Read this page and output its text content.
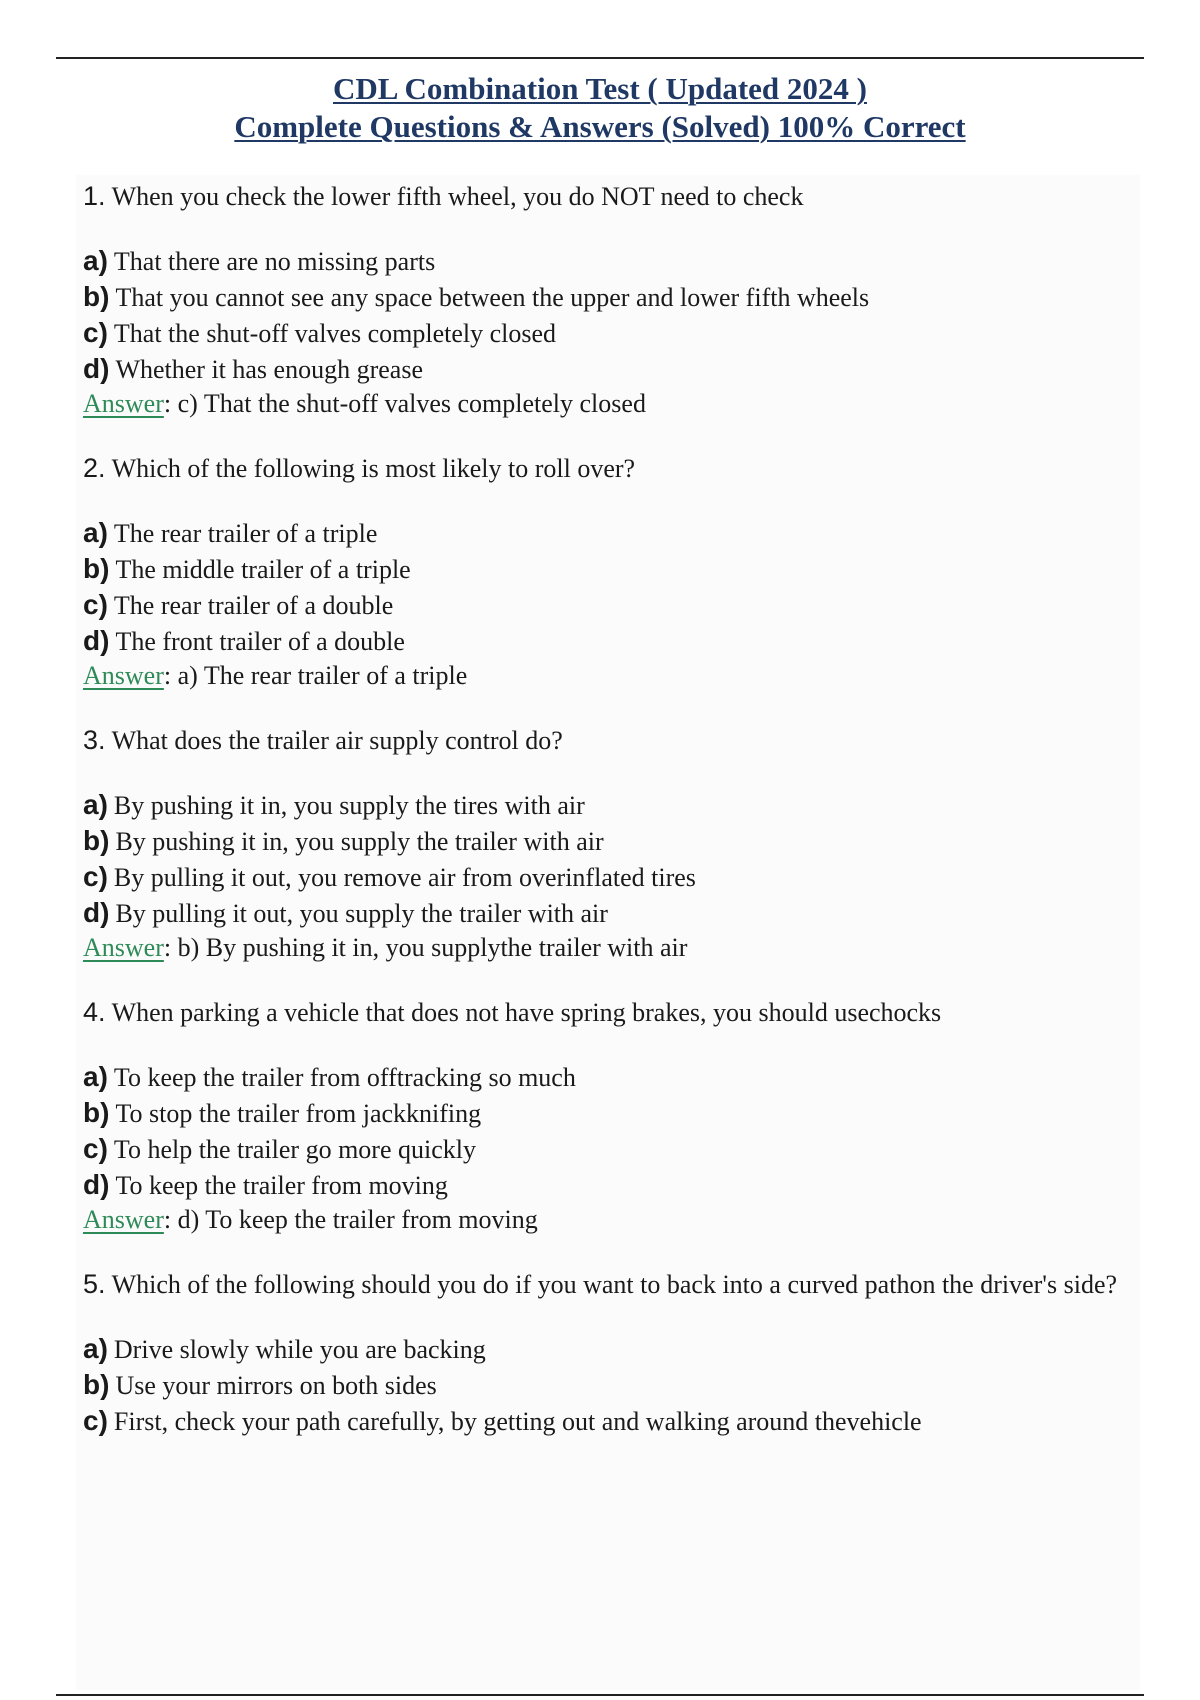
CDL Combination Test ( Updated 2024 )
Complete Questions & Answers (Solved) 100% Correct

1. When you check the lower fifth wheel, you do NOT need to check

a) That there are no missing parts
b) That you cannot see any space between the upper and lower fifth wheels
c) That the shut-off valves completely closed
d) Whether it has enough grease
Answer: c) That the shut-off valves completely closed

2. Which of the following is most likely to roll over?

a) The rear trailer of a triple
b) The middle trailer of a triple
c) The rear trailer of a double
d) The front trailer of a double
Answer: a) The rear trailer of a triple

3. What does the trailer air supply control do?

a) By pushing it in, you supply the tires with air
b) By pushing it in, you supply the trailer with air
c) By pulling it out, you remove air from overinflated tires
d) By pulling it out, you supply the trailer with air
Answer: b) By pushing it in, you supplythe trailer with air

4. When parking a vehicle that does not have spring brakes, you should usechocks

a) To keep the trailer from offtracking so much
b) To stop the trailer from jackknifing
c) To help the trailer go more quickly
d) To keep the trailer from moving
Answer: d) To keep the trailer from moving

5. Which of the following should you do if you want to back into a curved pathon the driver's side?

a) Drive slowly while you are backing
b) Use your mirrors on both sides
c) First, check your path carefully, by getting out and walking around thevehicle
